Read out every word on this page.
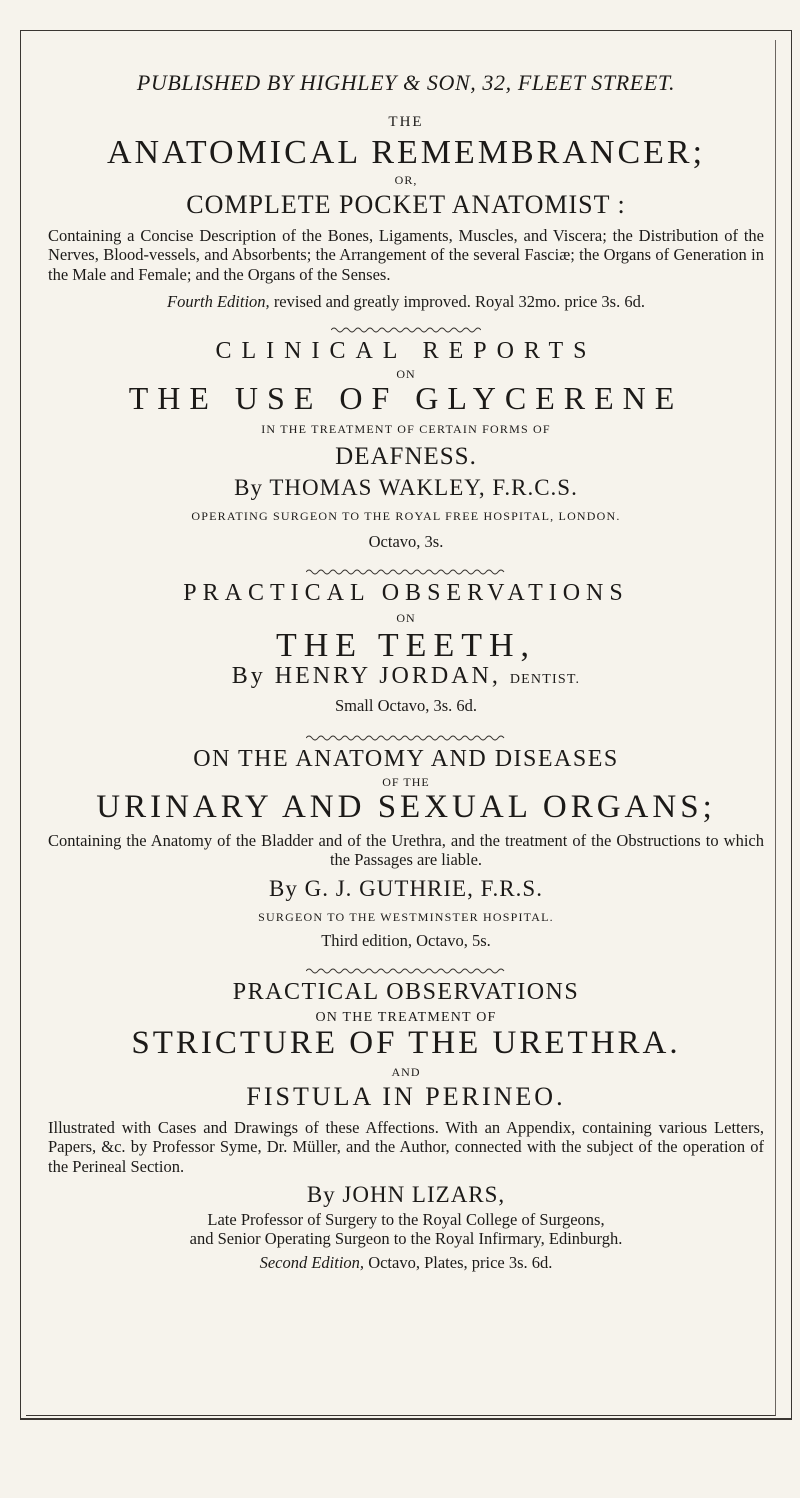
PUBLISHED BY HIGHLEY & SON, 32, FLEET STREET.
THE
ANATOMICAL REMEMBRANCER;
OR,
COMPLETE POCKET ANATOMIST :
Containing a Concise Description of the Bones, Ligaments, Muscles, and Viscera; the Distribution of the Nerves, Blood-vessels, and Absorbents; the Arrangement of the several Fasciæ; the Organs of Generation in the Male and Female; and the Organs of the Senses.
Fourth Edition, revised and greatly improved. Royal 32mo. price 3s. 6d.
CLINICAL REPORTS
ON
THE USE OF GLYCERENE
IN THE TREATMENT OF CERTAIN FORMS OF
DEAFNESS.
By THOMAS WAKLEY, F.R.C.S.
OPERATING SURGEON TO THE ROYAL FREE HOSPITAL, LONDON.
Octavo, 3s.
PRACTICAL OBSERVATIONS
ON
THE TEETH,
By HENRY JORDAN, DENTIST.
Small Octavo, 3s. 6d.
ON THE ANATOMY AND DISEASES
OF THE
URINARY AND SEXUAL ORGANS;
Containing the Anatomy of the Bladder and of the Urethra, and the treatment of the Obstructions to which the Passages are liable.
By G. J. GUTHRIE, F.R.S.
SURGEON TO THE WESTMINSTER HOSPITAL.
Third edition, Octavo, 5s.
PRACTICAL OBSERVATIONS
ON THE TREATMENT OF
STRICTURE OF THE URETHRA.
AND
FISTULA IN PERINEO.
Illustrated with Cases and Drawings of these Affections. With an Appendix, containing various Letters, Papers, &c. by Professor Syme, Dr. Müller, and the Author, connected with the subject of the operation of the Perineal Section.
By JOHN LIZARS,
Late Professor of Surgery to the Royal College of Surgeons,
and Senior Operating Surgeon to the Royal Infirmary, Edinburgh.
Second Edition, Octavo, Plates, price 3s. 6d.
